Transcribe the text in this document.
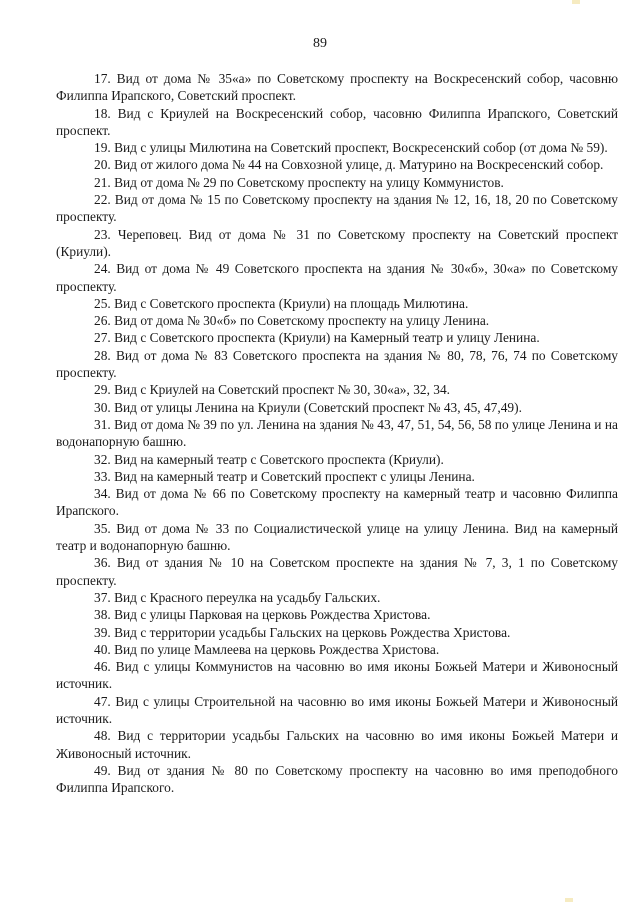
89

17. Вид от дома № 35«а» по Советскому проспекту на Воскресенский собор, часовню Филиппа Ирапского, Советский проспект.

18. Вид с Криулей на Воскресенский собор, часовню Филиппа Ирапского, Советский проспект.

19. Вид с улицы Милютина на Советский проспект, Воскресенский собор (от дома № 59).

20. Вид от жилого дома № 44 на Совхозной улице, д. Матурино на Воскресенский собор.

21. Вид от дома № 29 по Советскому проспекту на улицу Коммунистов.

22. Вид от дома № 15 по Советскому проспекту на здания № 12, 16, 18, 20 по Советскому проспекту.

23. Череповец. Вид от дома № 31 по Советскому проспекту на Советский проспект (Криули).

24. Вид от дома № 49 Советского проспекта на здания № 30«б», 30«а» по Советскому проспекту.

25. Вид с Советского проспекта (Криули) на площадь Милютина.

26. Вид от дома № 30«б» по Советскому проспекту на улицу Ленина.

27. Вид с Советского проспекта (Криули) на Камерный театр и улицу Ленина.

28. Вид от дома № 83 Советского проспекта на здания № 80, 78, 76, 74 по Советскому проспекту.

29. Вид с Криулей на Советский проспект № 30, 30«а», 32, 34.

30. Вид от улицы Ленина на Криули (Советский проспект № 43, 45, 47,49).

31. Вид от дома № 39 по ул. Ленина на здания № 43, 47, 51, 54, 56, 58 по улице Ленина и на водонапорную башню.

32. Вид на камерный театр с Советского проспекта (Криули).

33. Вид на камерный театр и Советский проспект с улицы Ленина.

34. Вид от дома № 66 по Советскому проспекту на камерный театр и часовню Филиппа Ирапского.

35. Вид от дома № 33 по Социалистической улице на улицу Ленина. Вид на камерный театр и водонапорную башню.

36. Вид от здания № 10 на Советском проспекте на здания № 7, 3, 1 по Советскому проспекту.

37. Вид с Красного переулка на усадьбу Гальских.

38. Вид с улицы Парковая на церковь Рождества Христова.

39. Вид с территории усадьбы Гальских на церковь Рождества Христова.

40. Вид по улице Мамлеева на церковь Рождества Христова.

46. Вид с улицы Коммунистов на часовню во имя иконы Божьей Матери и Живоносный источник.

47. Вид с улицы Строительной на часовню во имя иконы Божьей Матери и Живоносный источник.

48. Вид с территории усадьбы Гальских на часовню во имя иконы Божьей Матери и Живоносный источник.

49. Вид от здания № 80 по Советскому проспекту на часовню во имя преподобного Филиппа Ирапского.
